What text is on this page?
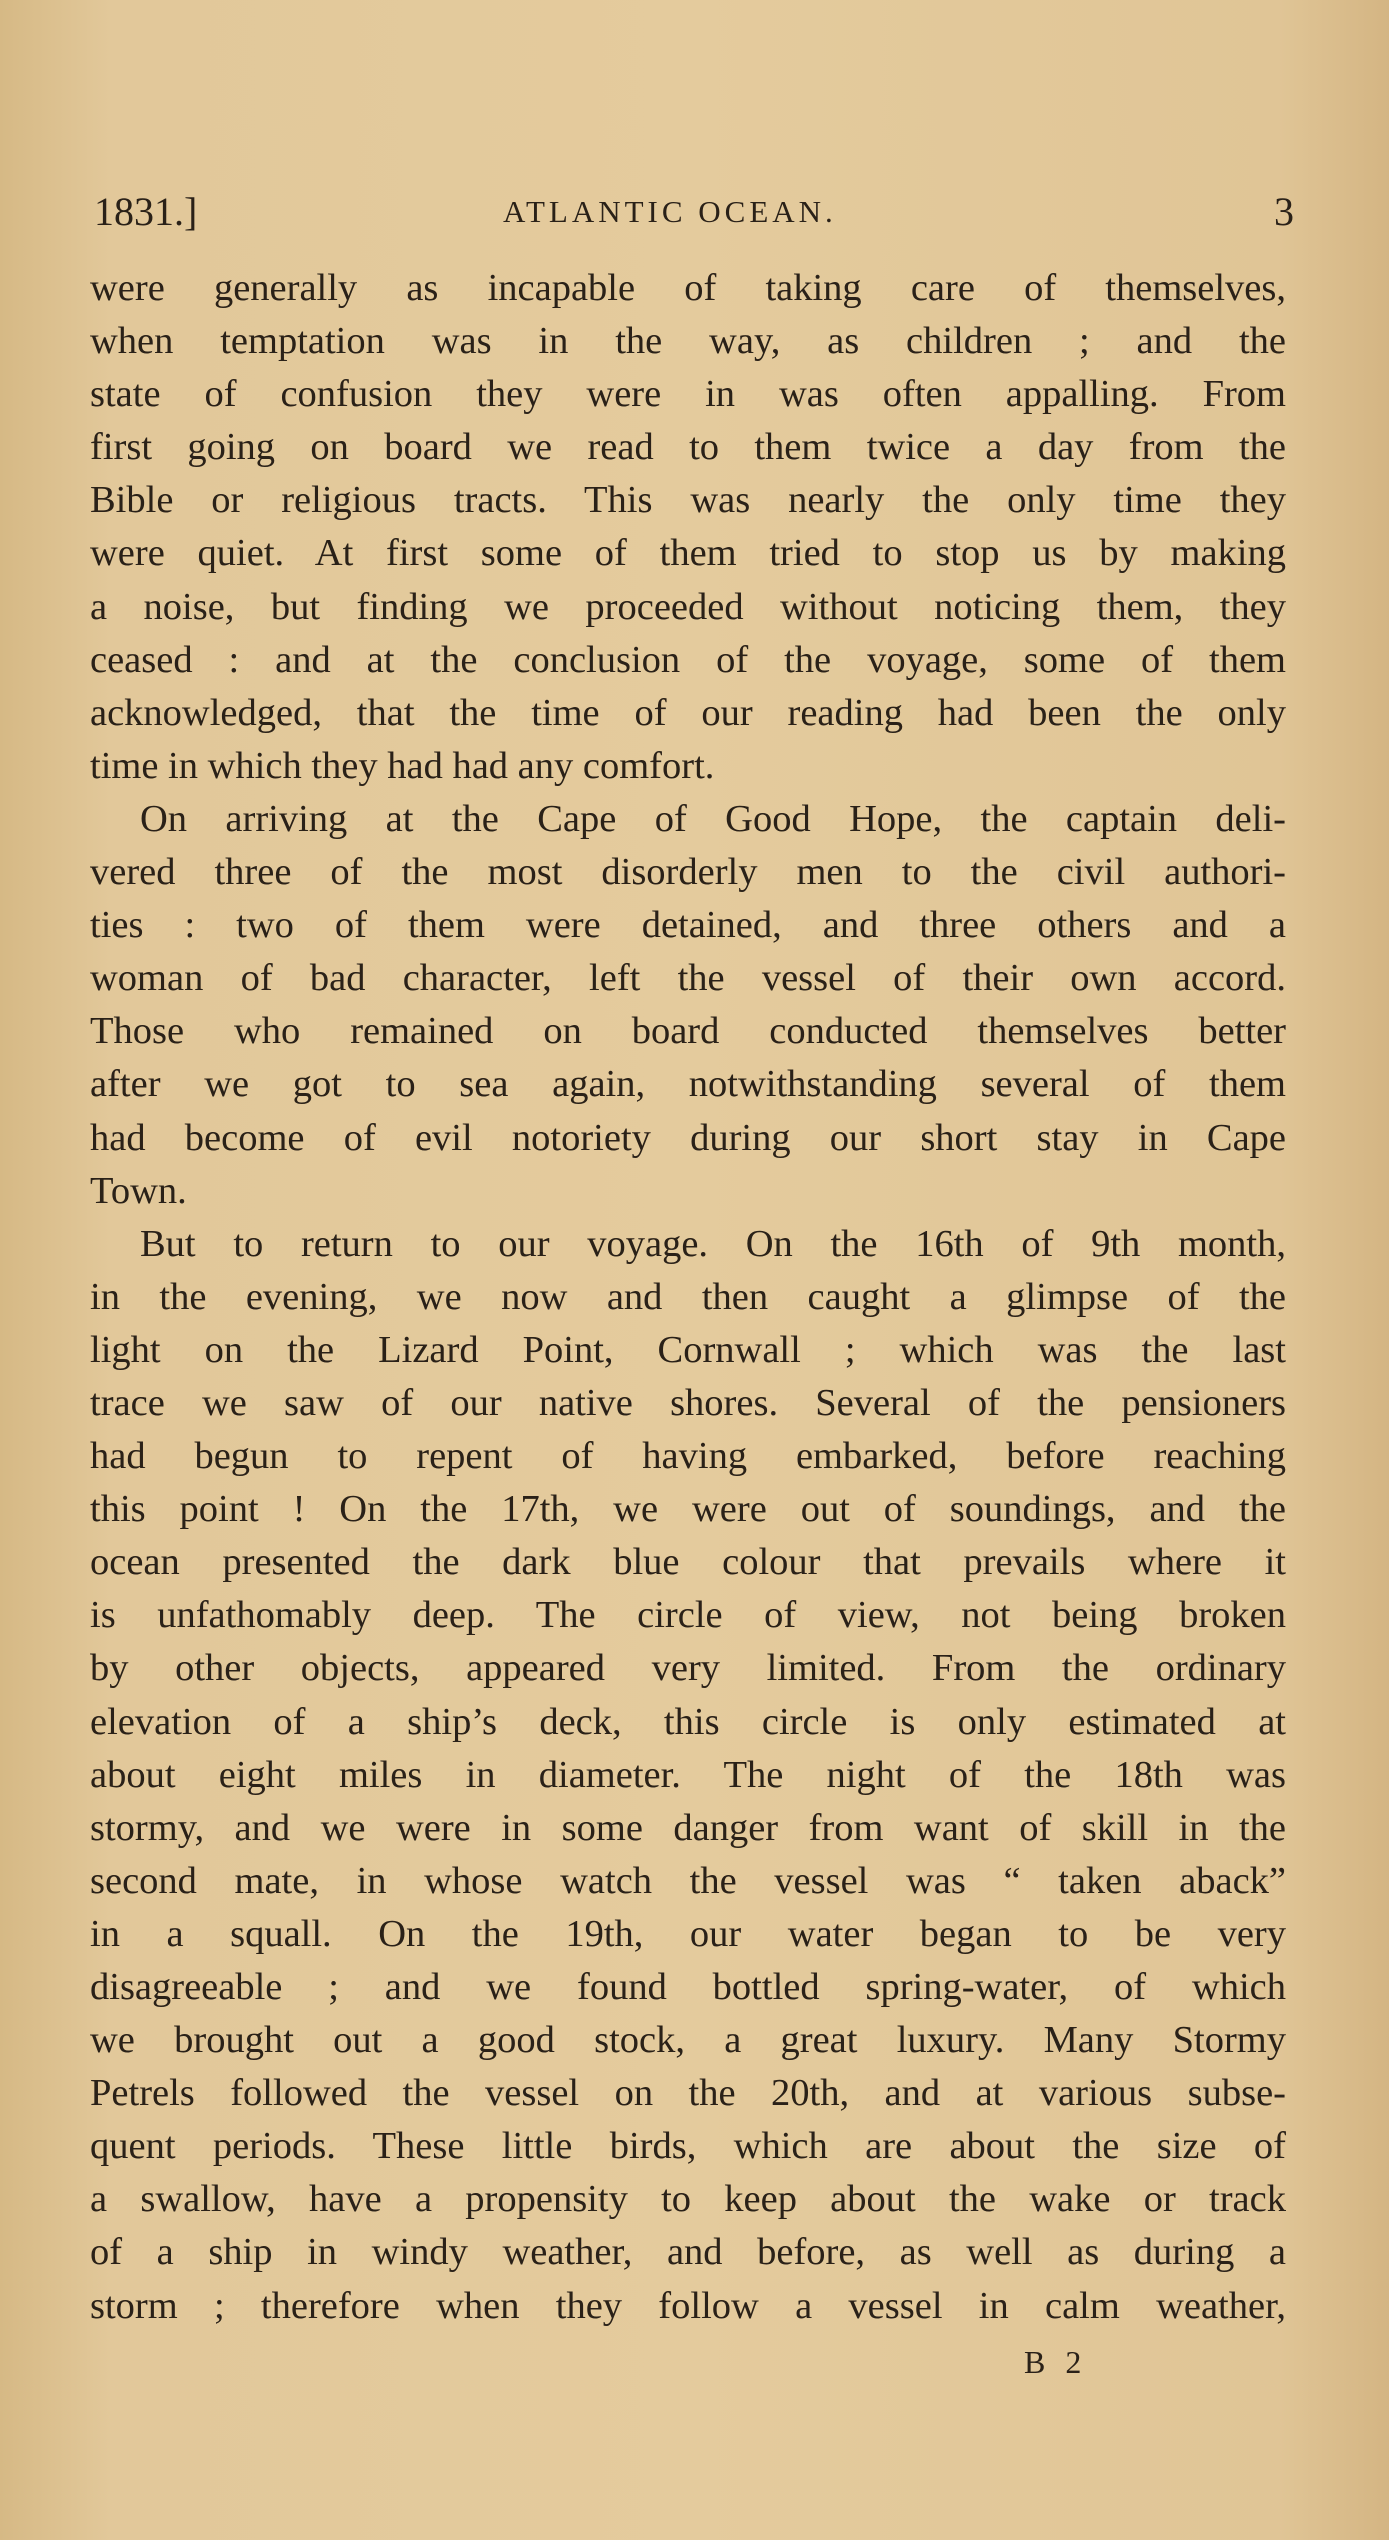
1831.]	ATLANTIC OCEAN.	3
were generally as incapable of taking care of themselves,
when temptation was in the way, as children ; and the
state of confusion they were in was often appalling. From
first going on board we read to them twice a day from the
Bible or religious tracts. This was nearly the only time they
were quiet. At first some of them tried to stop us by making
a noise, but finding we proceeded without noticing them, they
ceased : and at the conclusion of the voyage, some of them
acknowledged, that the time of our reading had been the only
time in which they had had any comfort.
On arriving at the Cape of Good Hope, the captain deli-
vered three of the most disorderly men to the civil authori-
ties : two of them were detained, and three others and a
woman of bad character, left the vessel of their own accord.
Those who remained on board conducted themselves better
after we got to sea again, notwithstanding several of them
had become of evil notoriety during our short stay in Cape
Town.
But to return to our voyage. On the 16th of 9th month,
in the evening, we now and then caught a glimpse of the
light on the Lizard Point, Cornwall ; which was the last
trace we saw of our native shores. Several of the pensioners
had begun to repent of having embarked, before reaching
this point ! On the 17th, we were out of soundings, and the
ocean presented the dark blue colour that prevails where it
is unfathomably deep. The circle of view, not being broken
by other objects, appeared very limited. From the ordinary
elevation of a ship’s deck, this circle is only estimated at
about eight miles in diameter. The night of the 18th was
stormy, and we were in some danger from want of skill in the
second mate, in whose watch the vessel was “ taken aback”
in a squall. On the 19th, our water began to be very
disagreeable ; and we found bottled spring-water, of which
we brought out a good stock, a great luxury. Many Stormy
Petrels followed the vessel on the 20th, and at various subse-
quent periods. These little birds, which are about the size of
a swallow, have a propensity to keep about the wake or track
of a ship in windy weather, and before, as well as during a
storm ; therefore when they follow a vessel in calm weather,
B 2
